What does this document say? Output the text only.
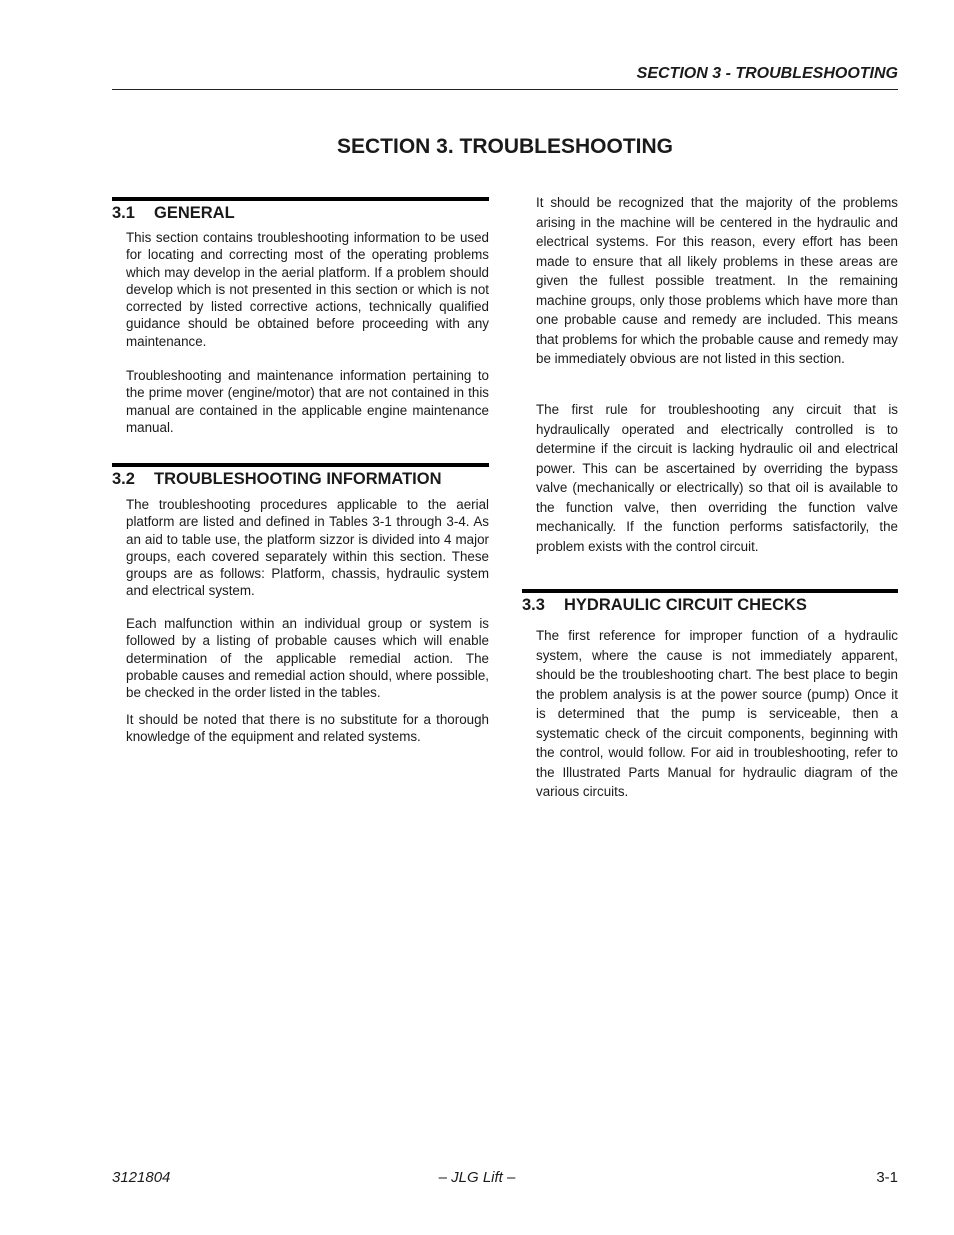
SECTION 3 - TROUBLESHOOTING
SECTION 3. TROUBLESHOOTING
3.1 GENERAL

This section contains troubleshooting information to be used for locating and correcting most of the operating problems which may develop in the aerial platform. If a problem should develop which is not presented in this section or which is not corrected by listed corrective actions, technically qualified guidance should be obtained before proceeding with any maintenance.

Troubleshooting and maintenance information pertaining to the prime mover (engine/motor) that are not contained in this manual are contained in the applicable engine maintenance manual.

3.2 TROUBLESHOOTING INFORMATION

The troubleshooting procedures applicable to the aerial platform are listed and defined in Tables 3-1 through 3-4. As an aid to table use, the platform sizzor is divided into 4 major groups, each covered separately within this section. These groups are as follows: Platform, chassis, hydraulic system and electrical system.

Each malfunction within an individual group or system is followed by a listing of probable causes which will enable determination of the applicable remedial action. The probable causes and remedial action should, where possible, be checked in the order listed in the tables.

It should be noted that there is no substitute for a thorough knowledge of the equipment and related systems.

It should be recognized that the majority of the problems arising in the machine will be centered in the hydraulic and electrical systems. For this reason, every effort has been made to ensure that all likely problems in these areas are given the fullest possible treatment. In the remaining machine groups, only those problems which have more than one probable cause and remedy are included. This means that problems for which the probable cause and remedy may be immediately obvious are not listed in this section.

The first rule for troubleshooting any circuit that is hydraulically operated and electrically controlled is to determine if the circuit is lacking hydraulic oil and electrical power. This can be ascertained by overriding the bypass valve (mechanically or electrically) so that oil is available to the function valve, then overriding the function valve mechanically. If the function performs satisfactorily, the problem exists with the control circuit.

3.3 HYDRAULIC CIRCUIT CHECKS

The first reference for improper function of a hydraulic system, where the cause is not immediately apparent, should be the troubleshooting chart. The best place to begin the problem analysis is at the power source (pump) Once it is determined that the pump is serviceable, then a systematic check of the circuit components, beginning with the control, would follow. For aid in troubleshooting, refer to the Illustrated Parts Manual for hydraulic diagram of the various circuits.

3121804	– JLG Lift –	3-1
